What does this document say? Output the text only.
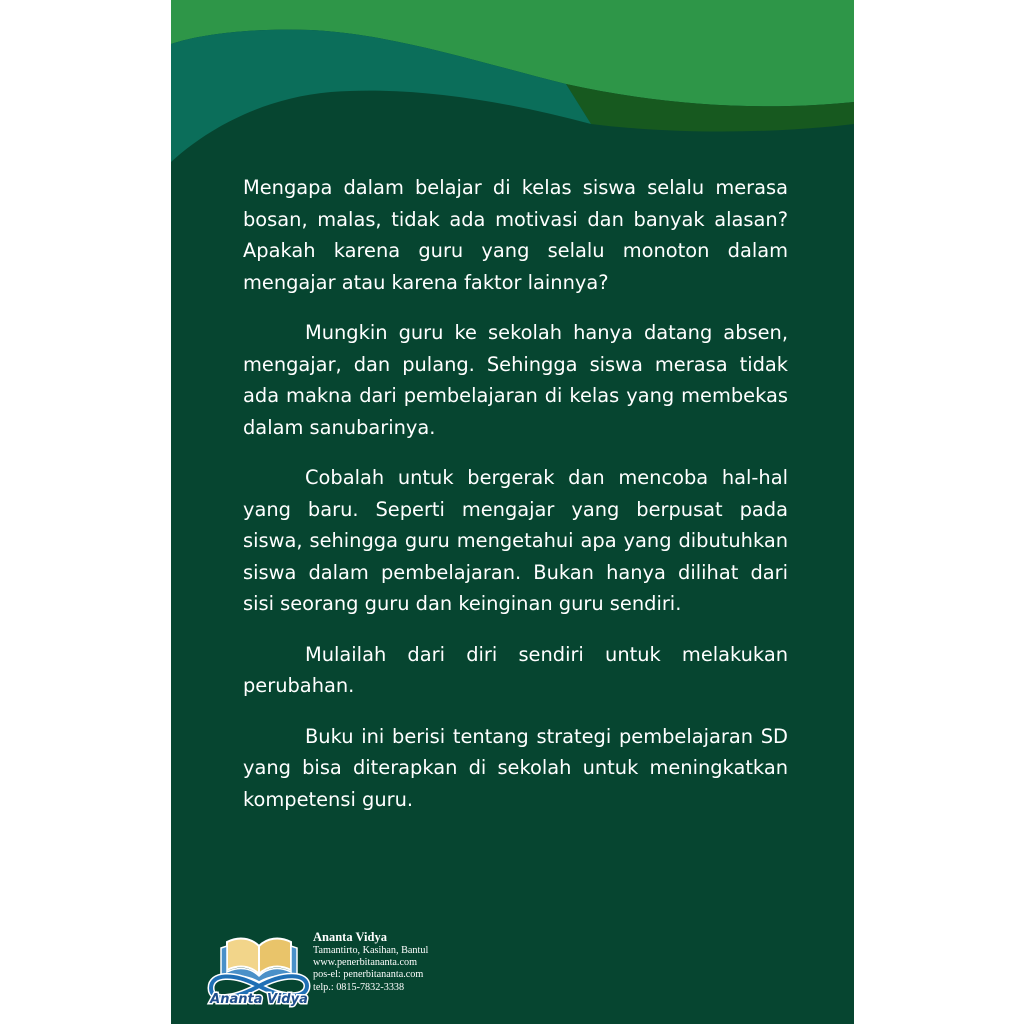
Mengapa dalam belajar di kelas siswa selalu merasa bosan, malas, tidak ada motivasi dan banyak alasan? Apakah karena guru yang selalu monoton dalam mengajar atau karena faktor lainnya?

Mungkin guru ke sekolah hanya datang absen, mengajar, dan pulang. Sehingga siswa merasa tidak ada makna dari pembelajaran di kelas yang membekas dalam sanubarinya.

Cobalah untuk bergerak dan mencoba hal-hal yang baru. Seperti mengajar yang berpusat pada siswa, sehingga guru mengetahui apa yang dibutuhkan siswa dalam pembelajaran. Bukan hanya dilihat dari sisi seorang guru dan keinginan guru sendiri.

Mulailah dari diri sendiri untuk melakukan perubahan.

Buku ini berisi tentang strategi pembelajaran SD yang bisa diterapkan di sekolah untuk meningkatkan kompetensi guru.

Ananta Vidya
Ananta Vidya
Tamantirto, Kasihan, Bantul
www.penerbitananta.com
pos-el: penerbitananta.com
telp.: 0815-7832-3338
